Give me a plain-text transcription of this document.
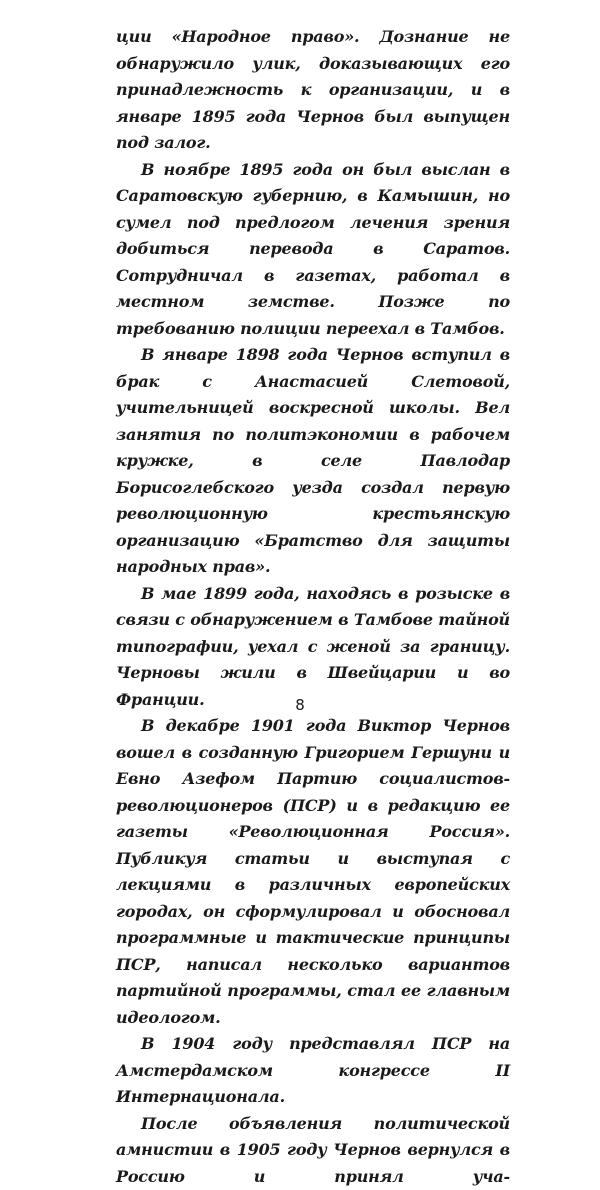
ции «Народное право». Дознание не обнаружило улик, доказывающих его принадлежность к организации, и в январе 1895 года Чернов был выпущен под залог.

В ноябре 1895 года он был выслан в Саратовскую губернию, в Камышин, но сумел под предлогом лечения зрения добиться перевода в Саратов. Сотрудничал в газетах, работал в местном земстве. Позже по требованию полиции переехал в Тамбов.

В январе 1898 года Чернов вступил в брак с Анастасией Слетовой, учительницей воскресной школы. Вел занятия по политэкономии в рабочем кружке, в селе Павлодар Борисоглебского уезда создал первую революционную крестьянскую организацию «Братство для защиты народных прав».

В мае 1899 года, находясь в розыске в связи с обнаружением в Тамбове тайной типографии, уехал с женой за границу. Черновы жили в Швейцарии и во Франции.

В декабре 1901 года Виктор Чернов вошел в созданную Григорием Гершуни и Евно Азефом Партию социалистов-революционеров (ПСР) и в редакцию ее газеты «Революционная Россия». Публикуя статьи и выступая с лекциями в различных европейских городах, он сформулировал и обосновал программные и тактические принципы ПСР, написал несколько вариантов партийной программы, стал ее главным идеологом.

В 1904 году представлял ПСР на Амстердамском конгрессе II Интернационала.

После объявления политической амнистии в 1905 году Чернов вернулся в Россию и принял уча-

8
